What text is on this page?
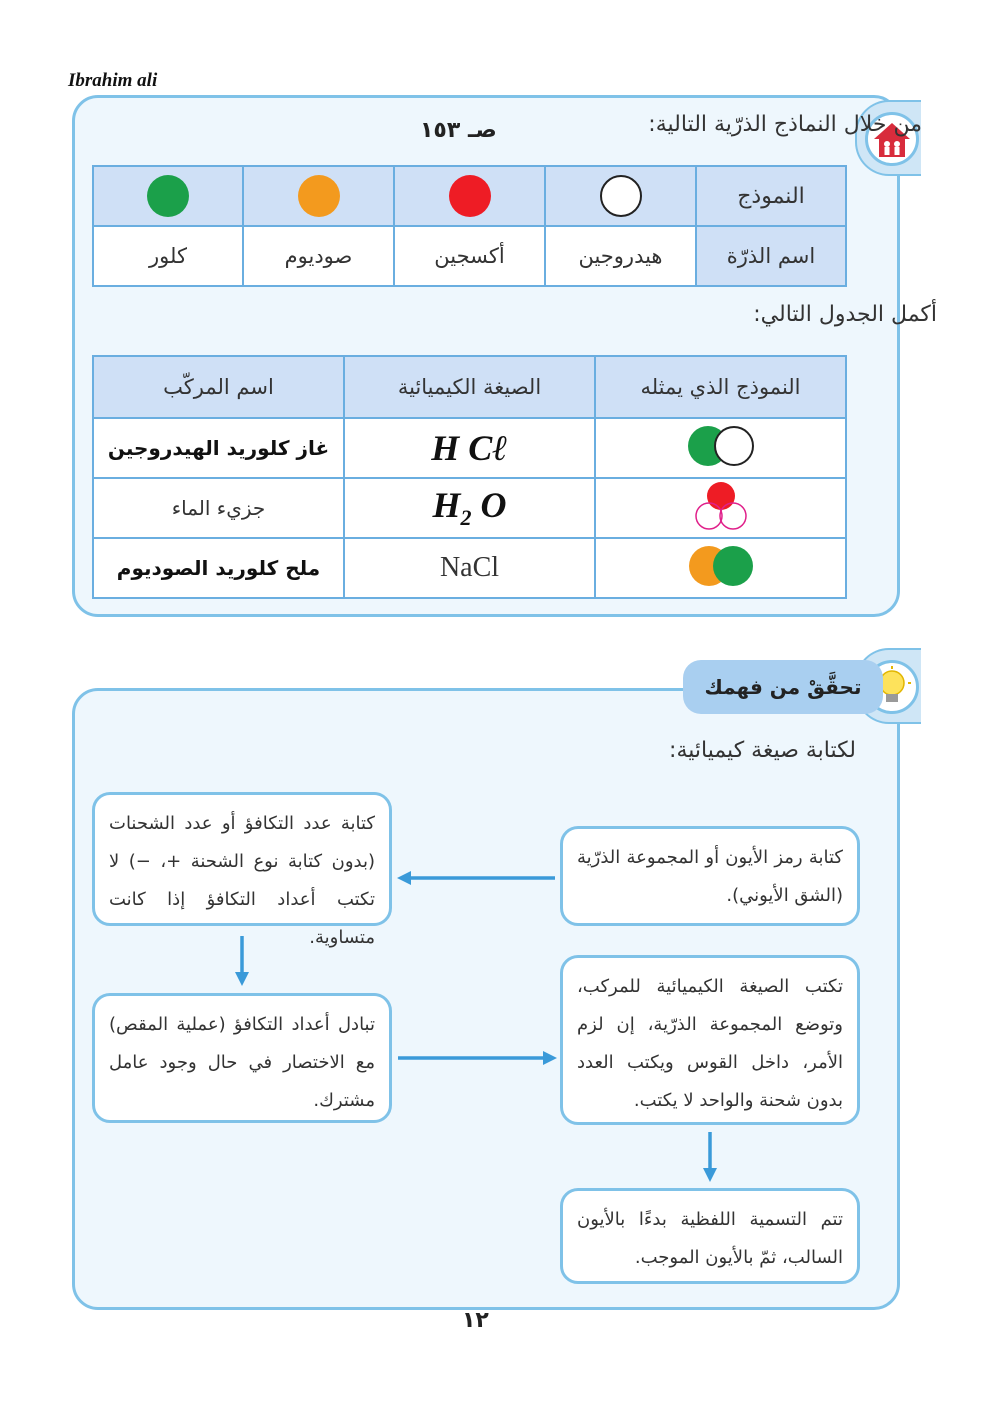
Ibrahim ali
من خلال النماذج الذرّية التالية:
صـ ١٥٣
				النموذج
كلور	صوديوم	أكسجين	هيدروجين	اسم الذرّة
أكمل الجدول التالي:
اسم المركّب	الصيغة الكيميائية	النموذج الذي يمثله
غاز كلوريد الهيدروجين	H Cℓ	
جزيء الماء	$H_2$ O	
ملح كلوريد الصوديوم	NaCl	
تحقَّقْ من فهمك
لكتابة صيغة كيميائية:
كتابة عدد التكافؤ أو عدد الشحنات (بدون كتابة نوع الشحنة +، −) لا تكتب أعداد التكافؤ إذا كانت متساوية.
كتابة رمز الأيون أو المجموعة الذرّية (الشق الأيوني).
تبادل أعداد التكافؤ (عملية المقص) مع الاختصار في حال وجود عامل مشترك.
تكتب الصيغة الكيميائية للمركب، وتوضع المجموعة الذرّية، إن لزم الأمر، داخل القوس ويكتب العدد بدون شحنة والواحد لا يكتب.
تتم التسمية اللفظية بدءًا بالأيون السالب، ثمّ بالأيون الموجب.
١٢
